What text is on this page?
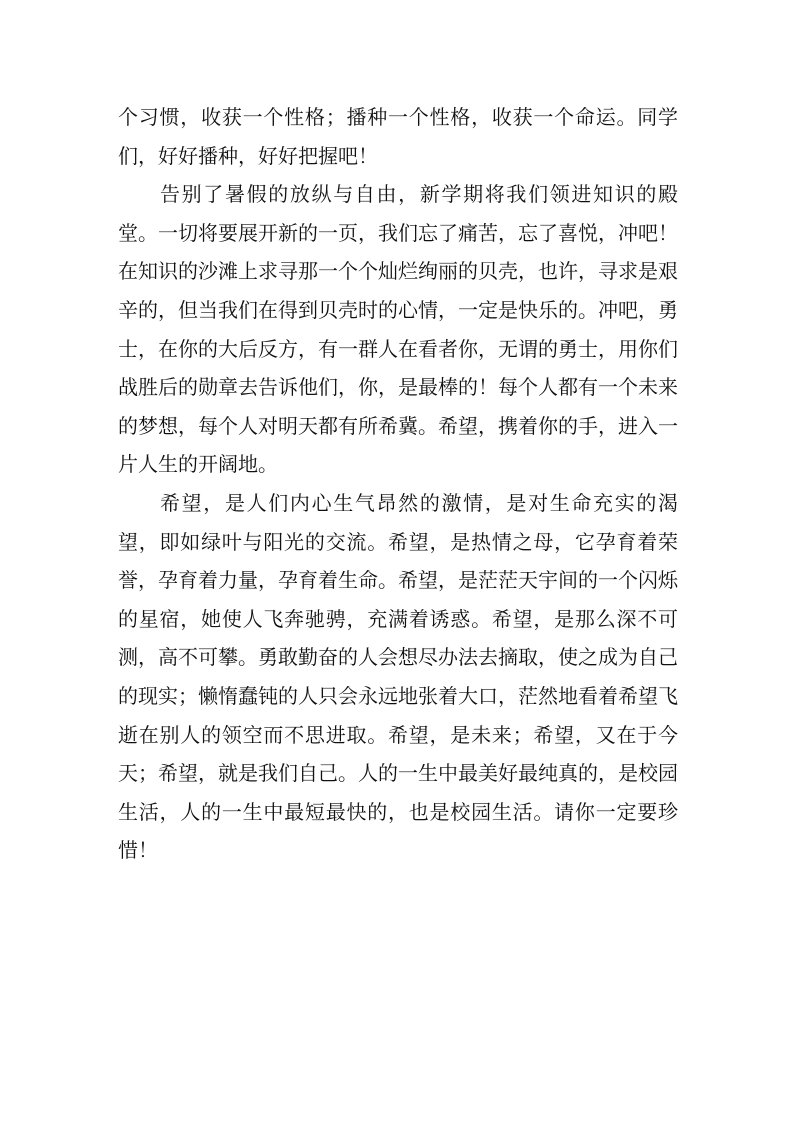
个习惯，收获一个性格；播种一个性格，收获一个命运。同学们，好好播种，好好把握吧！

告别了暑假的放纵与自由，新学期将我们领进知识的殿堂。一切将要展开新的一页，我们忘了痛苦，忘了喜悦，冲吧！在知识的沙滩上求寻那一个个灿烂绚丽的贝壳，也许，寻求是艰辛的，但当我们在得到贝壳时的心情，一定是快乐的。冲吧，勇士，在你的大后反方，有一群人在看者你，无谓的勇士，用你们战胜后的勋章去告诉他们，你，是最棒的！每个人都有一个未来的梦想，每个人对明天都有所希冀。希望，携着你的手，进入一片人生的开阔地。

希望，是人们内心生气昂然的激情，是对生命充实的渴望，即如绿叶与阳光的交流。希望，是热情之母，它孕育着荣誉，孕育着力量，孕育着生命。希望，是茫茫天宇间的一个闪烁的星宿，她使人飞奔驰骋，充满着诱惑。希望，是那么深不可测，高不可攀。勇敢勤奋的人会想尽办法去摘取，使之成为自己的现实；懒惰蠢钝的人只会永远地张着大口，茫然地看着希望飞逝在别人的领空而不思进取。希望，是未来；希望，又在于今天；希望，就是我们自己。人的一生中最美好最纯真的，是校园生活，人的一生中最短最快的，也是校园生活。请你一定要珍惜！
